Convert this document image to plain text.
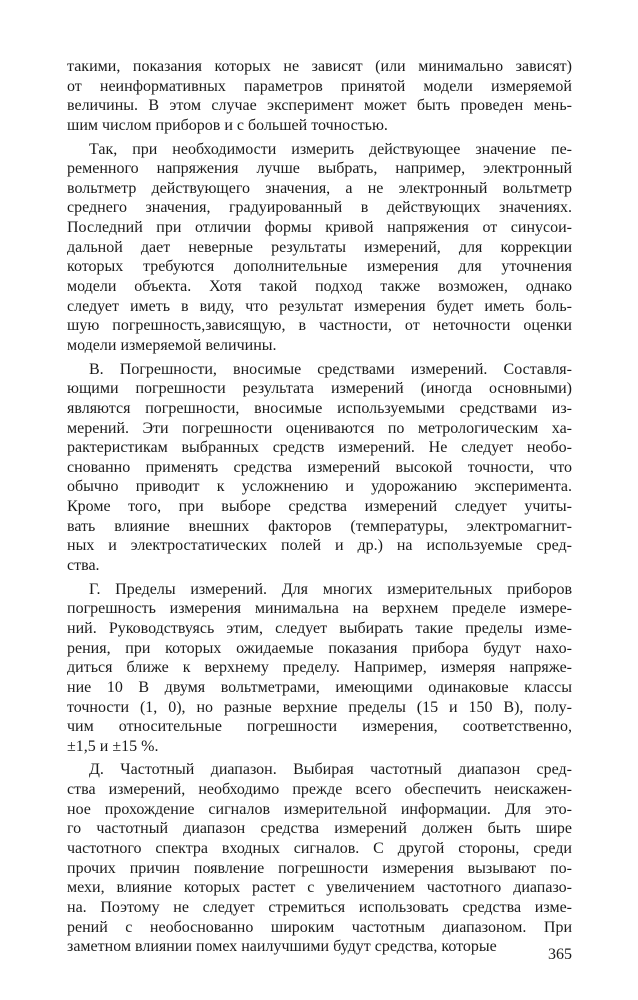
такими, показания которых не зависят (или минимально зависят)
от неинформативных параметров принятой модели измеряемой
величины. В этом случае эксперимент может быть проведен мень-
шим числом приборов и с большей точностью.
Так, при необходимости измерить действующее значение пе-
ременного напряжения лучше выбрать, например, электронный
вольтметр действующего значения, а не электронный вольтметр
среднего значения, градуированный в действующих значениях.
Последний при отличии формы кривой напряжения от синусои-
дальной дает неверные результаты измерений, для коррекции
которых требуются дополнительные измерения для уточнения
модели объекта. Хотя такой подход также возможен, однако
следует иметь в виду, что результат измерения будет иметь боль-
шую погрешность,зависящую, в частности, от неточности оценки
модели измеряемой величины.
В. Погрешности, вносимые средствами измерений. Составля-
ющими погрешности результата измерений (иногда основными)
являются погрешности, вносимые используемыми средствами из-
мерений. Эти погрешности оцениваются по метрологическим ха-
рактеристикам выбранных средств измерений. Не следует необо-
снованно применять средства измерений высокой точности, что
обычно приводит к усложнению и удорожанию эксперимента.
Кроме того, при выборе средства измерений следует учиты-
вать влияние внешних факторов (температуры, электромагнит-
ных и электростатических полей и др.) на используемые сред-
ства.
Г. Пределы измерений. Для многих измерительных приборов
погрешность измерения минимальна на верхнем пределе измере-
ний. Руководствуясь этим, следует выбирать такие пределы изме-
рения, при которых ожидаемые показания прибора будут нахо-
диться ближе к верхнему пределу. Например, измеряя напряже-
ние 10 В двумя вольтметрами, имеющими одинаковые классы
точности (1, 0), но разные верхние пределы (15 и 150 В), полу-
чим относительные погрешности измерения, соответственно,
±1,5 и ±15 %.
Д. Частотный диапазон. Выбирая частотный диапазон сред-
ства измерений, необходимо прежде всего обеспечить неискажен-
ное прохождение сигналов измерительной информации. Для это-
го частотный диапазон средства измерений должен быть шире
частотного спектра входных сигналов. С другой стороны, среди
прочих причин появление погрешности измерения вызывают по-
мехи, влияние которых растет с увеличением частотного диапазо-
на. Поэтому не следует стремиться использовать средства изме-
рений с необоснованно широким частотным диапазоном. При
заметном влиянии помех наилучшими будут средства, которые	365
